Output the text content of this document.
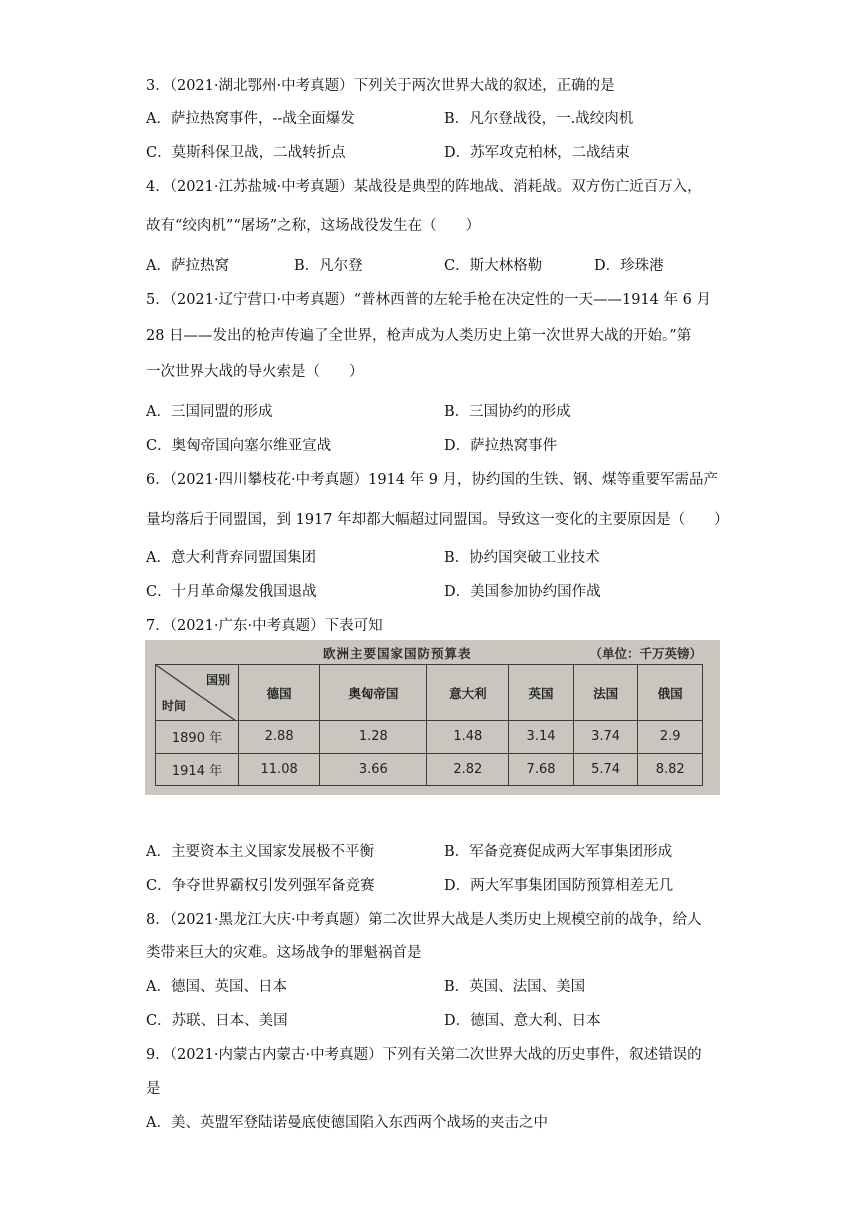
3．（2021·湖北鄂州·中考真题）下列关于两次世界大战的叙述，正确的是
A．萨拉热窝事件，--战全面爆发	B．凡尔登战役，一.战绞肉机
C．莫斯科保卫战，二战转折点	D．苏军攻克柏林，二战结束
4．（2021·江苏盐城·中考真题）某战役是典型的阵地战、消耗战。双方伤亡近百万入，
故有“绞肉机”“屠场”之称，这场战役发生在（　　）
A．萨拉热窝	B．凡尔登	C．斯大林格勒	D．珍珠港
5．（2021·辽宁营口·中考真题）“普林西普的左轮手枪在决定性的一天——1914 年 6 月
28 日——发出的枪声传遍了全世界，枪声成为人类历史上第一次世界大战的开始。”第
一次世界大战的导火索是（　　）
A．三国同盟的形成	B．三国协约的形成
C．奥匈帝国向塞尔维亚宣战	D．萨拉热窝事件
6．（2021·四川攀枝花·中考真题）1914 年 9 月，协约国的生铁、钢、煤等重要军需品产
量均落后于同盟国，到 1917 年却都大幅超过同盟国。导致这一变化的主要原因是（　　）
A．意大利背弃同盟国集团	B．协约国突破工业技术
C．十月革命爆发俄国退战	D．美国参加协约国作战
7．（2021·广东·中考真题）下表可知
欧洲主要国家国防预算表	（单位：千万英镑）
国别
时间	德国	奥匈帝国	意大利	英国	法国	俄国
1890 年	2.88	1.28	1.48	3.14	3.74	2.9
1914 年	11.08	3.66	2.82	7.68	5.74	8.82
A．主要资本主义国家发展极不平衡	B．军备竞赛促成两大军事集团形成
C．争夺世界霸权引发列强军备竞赛	D．两大军事集团国防预算相差无几
8．（2021·黑龙江大庆·中考真题）第二次世界大战是人类历史上规模空前的战争，给人
类带来巨大的灾难。这场战争的罪魁祸首是
A．德国、英国、日本	B．英国、法国、美国
C．苏联、日本、美国	D．德国、意大利、日本
9．（2021·内蒙古内蒙古·中考真题）下列有关第二次世界大战的历史事件，叙述错误的
是
A．美、英盟军登陆诺曼底使德国陷入东西两个战场的夹击之中
